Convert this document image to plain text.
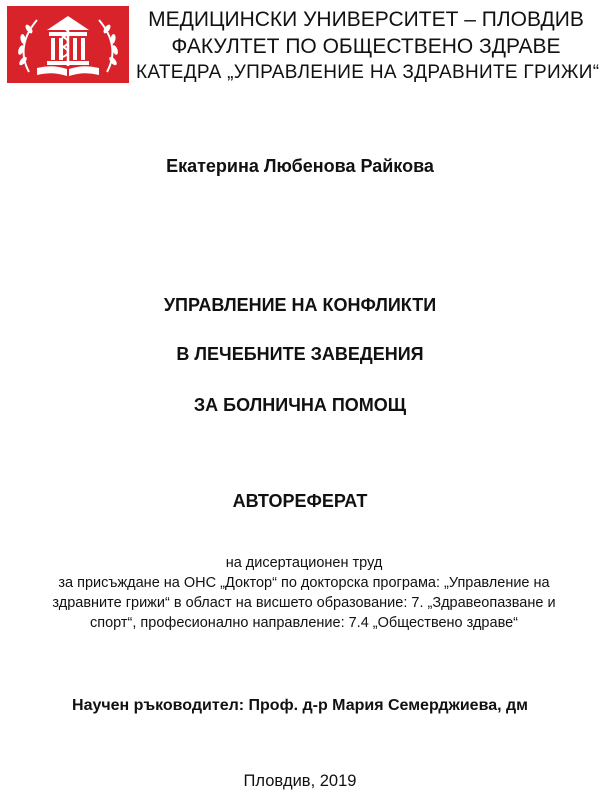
МЕДИЦИНСКИ УНИВЕРСИТЕТ – ПЛОВДИВ
ФАКУЛТЕТ ПО ОБЩЕСТВЕНО ЗДРАВЕ
КАТЕДРА „УПРАВЛЕНИЕ НА ЗДРАВНИТЕ ГРИЖИ“
Екатерина Любенова Райкова
УПРАВЛЕНИЕ НА КОНФЛИКТИ
В ЛЕЧЕБНИТЕ ЗАВЕДЕНИЯ
ЗА БОЛНИЧНА ПОМОЩ
АВТОРЕФЕРАТ
на дисертационен труд
за присъждане на ОНС „Доктор“ по докторска програма: „Управление на
здравните грижи“ в област на висшето образование: 7. „Здравеопазване и
спорт“, професионално направление: 7.4 „Обществено здраве“
Научен ръководител: Проф. д-р Мария Семерджиева, дм
Пловдив, 2019
